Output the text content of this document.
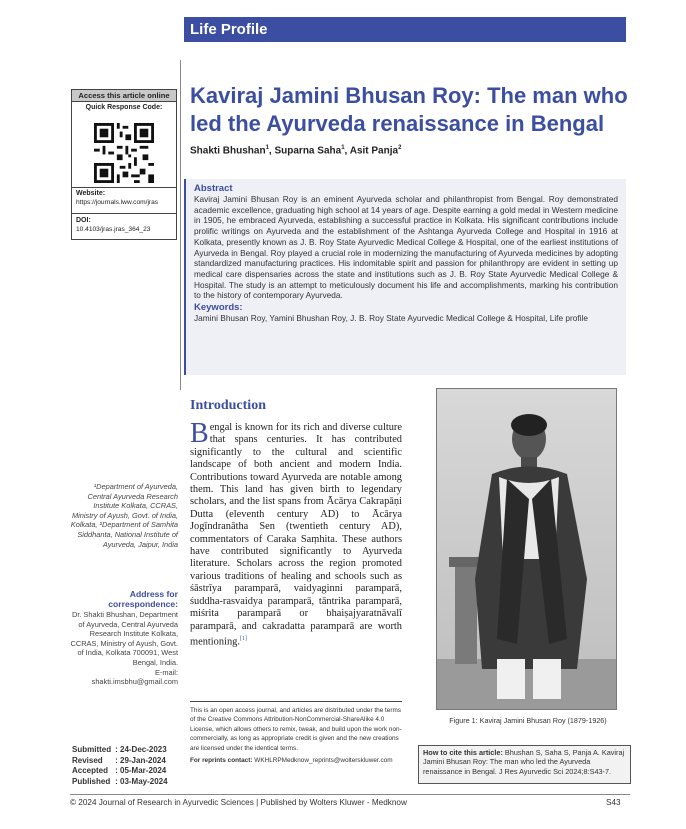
Life Profile
Access this article online
Quick Response Code:
Website:
https://journals.lww.com/jras
DOI:
10.4103/jras.jras_364_23
Kaviraj Jamini Bhusan Roy: The man who led the Ayurveda renaissance in Bengal
Shakti Bhushan$^1$, Suparna Saha$^1$, Asit Panja$^2$
Abstract
Kaviraj Jamini Bhusan Roy is an eminent Ayurveda scholar and philanthropist from Bengal. Roy demonstrated academic excellence, graduating high school at 14 years of age. Despite earning a gold medal in Western medicine in 1905, he embraced Ayurveda, establishing a successful practice in Kolkata. His significant contributions include prolific writings on Ayurveda and the establishment of the Ashtanga Ayurveda College and Hospital in 1916 at Kolkata, presently known as J. B. Roy State Ayurvedic Medical College & Hospital, one of the earliest institutions of Ayurveda in Bengal. Roy played a crucial role in modernizing the manufacturing of Ayurveda medicines by adopting standardized manufacturing practices. His indomitable spirit and passion for philanthropy are evident in setting up medical care dispensaries across the state and institutions such as J. B. Roy State Ayurvedic Medical College & Hospital. The study is an attempt to meticulously document his life and accomplishments, marking his contribution to the history of contemporary Ayurveda.
Keywords:
Jamini Bhusan Roy, Yamini Bhushan Roy, J. B. Roy State Ayurvedic Medical College & Hospital, Life profile
Introduction
Bengal is known for its rich and diverse culture that spans centuries. It has contributed significantly to the cultural and scientific landscape of both ancient and modern India. Contributions toward Ayurveda are notable among them. This land has given birth to legendary scholars, and the list spans from Ācārya Cakrapāṇi Dutta (eleventh century AD) to Ācārya Jogīndranātha Sen (twentieth century AD), commentators of Caraka Saṃhita. These authors have contributed significantly to Ayurveda literature. Scholars across the region promoted various traditions of healing and schools such as śāstrīya paramparā, vaidyaginni paramparā, śuddha-rasvaidya paramparā, tāntrika paramparā, miśrita paramparā or bhaiṣajyaratnāvalī paramparā, and cakradatta paramparā are worth mentioning.[1]
¹Department of Ayurveda, Central Ayurveda Research Institute Kolkata, CCRAS, Ministry of Ayush, Govt. of India, Kolkata, ²Department of Samhita Siddhanta, National Institute of Ayurveda, Jaipur, India
Address for correspondence:
Dr. Shakti Bhushan, Department of Ayurveda, Central Ayurveda Research Institute Kolkata, CCRAS, Ministry of Ayush, Govt. of India, Kolkata 700091, West Bengal, India.
E-mail: shakti.imsbhu@gmail.com
Submitted	: 24-Dec-2023
Revised	: 29-Jan-2024
Accepted	: 05-Mar-2024
Published	: 03-May-2024
This is an open access journal, and articles are distributed under the terms of the Creative Commons Attribution-NonCommercial-ShareAlike 4.0 License, which allows others to remix, tweak, and build upon the work non-commercially, as long as appropriate credit is given and the new creations are licensed under the identical terms.
For reprints contact: WKHLRPMedknow_reprints@wolterskluwer.com
Figure 1: Kaviraj Jamini Bhusan Roy (1879-1926)
How to cite this article: Bhushan S, Saha S, Panja A. Kaviraj Jamini Bhusan Roy: The man who led the Ayurveda renaissance in Bengal. J Res Ayurvedic Sci 2024;8:S43-7.
© 2024 Journal of Research in Ayurvedic Sciences | Published by Wolters Kluwer - Medknow	S43
